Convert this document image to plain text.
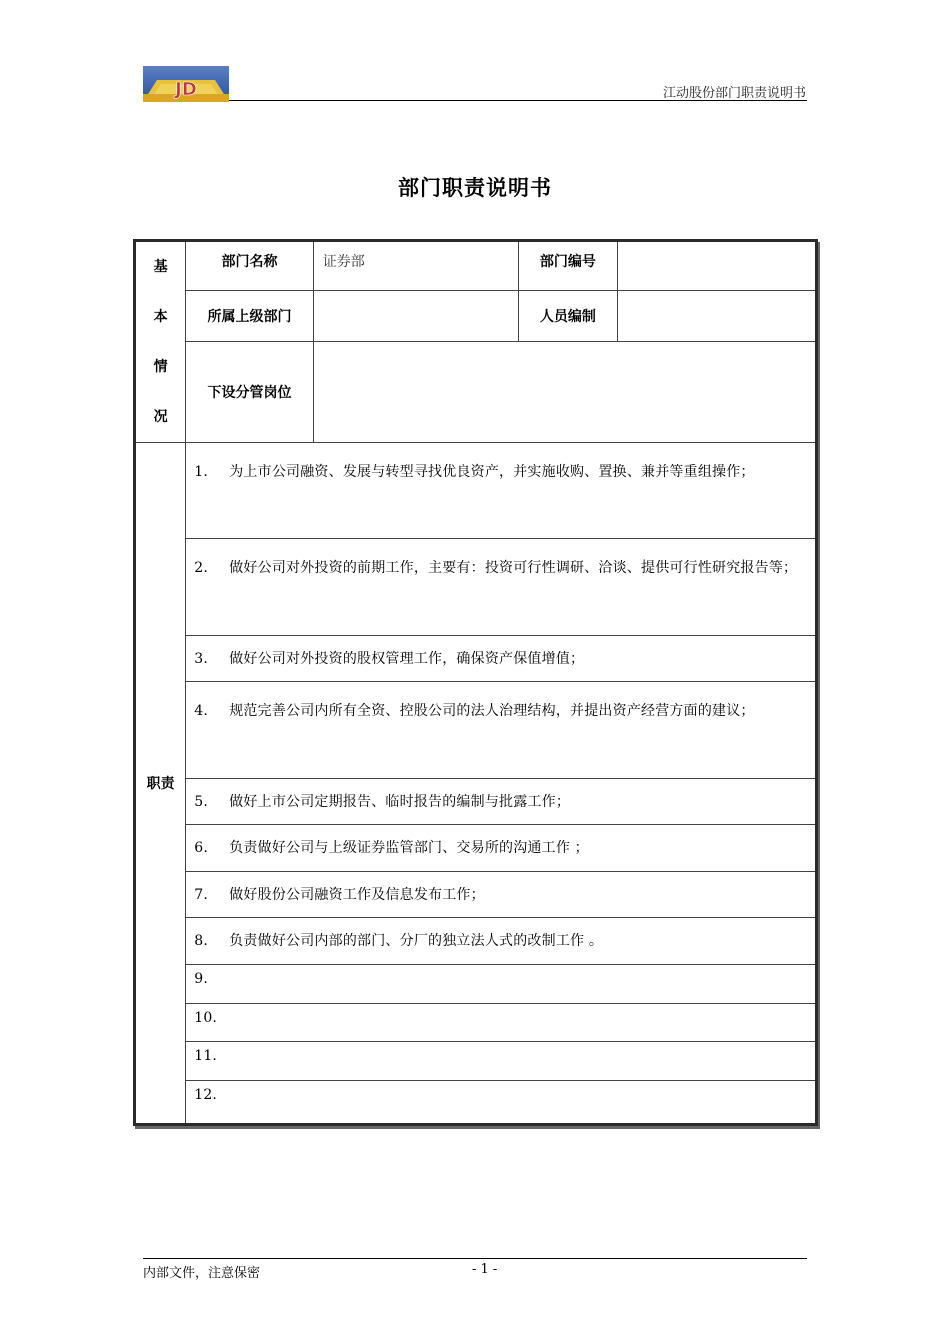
JD	江动股份部门职责说明书
部门职责说明书
基
本
情
况	部门名称	证券部	部门编号	
	所属上级部门		人员编制	
	下设分管岗位			
职责	1. 为上市公司融资、发展与转型寻找优良资产，并实施收购、置换、兼并等重组操作；			
	2. 做好公司对外投资的前期工作，主要有：投资可行性调研、洽谈、提供可行性研究报告等；			
	3. 做好公司对外投资的股权管理工作，确保资产保值增值；			
	4. 规范完善公司内所有全资、控股公司的法人治理结构，并提出资产经营方面的建议；			
	5. 做好上市公司定期报告、临时报告的编制与批露工作；			
	6. 负责做好公司与上级证券监管部门、交易所的沟通工作 ；			
	7. 做好股份公司融资工作及信息发布工作；			
	8. 负责做好公司内部的部门、分厂的独立法人式的改制工作 。			
	9.			
	10.			
	11.			
	12.			
内部文件，注意保密	- 1 -
